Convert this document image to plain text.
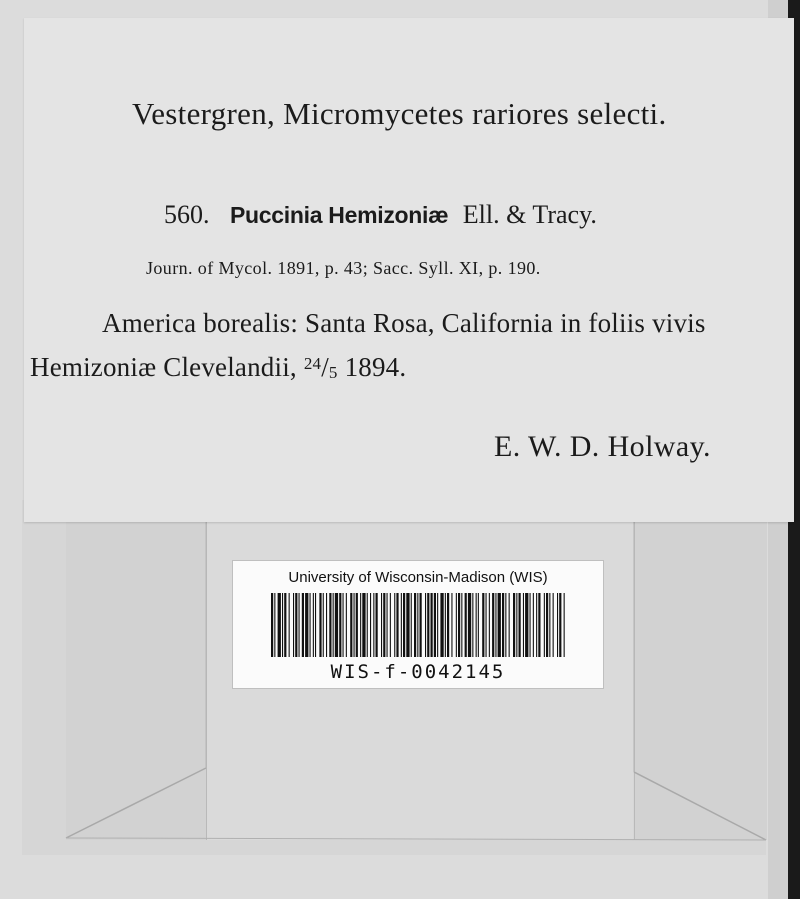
Vestergren, Micromycetes rariores selecti.
560. Puccinia Hemizoniæ Ell. & Tracy.
Journ. of Mycol. 1891, p. 43; Sacc. Syll. XI, p. 190.
America borealis: Santa Rosa, California in foliis vivis
Hemizoniæ Clevelandii, $^{24}$/5 1894.
E. W. D. Holway.
University of Wisconsin-Madison (WIS)
WIS-f-0042145
